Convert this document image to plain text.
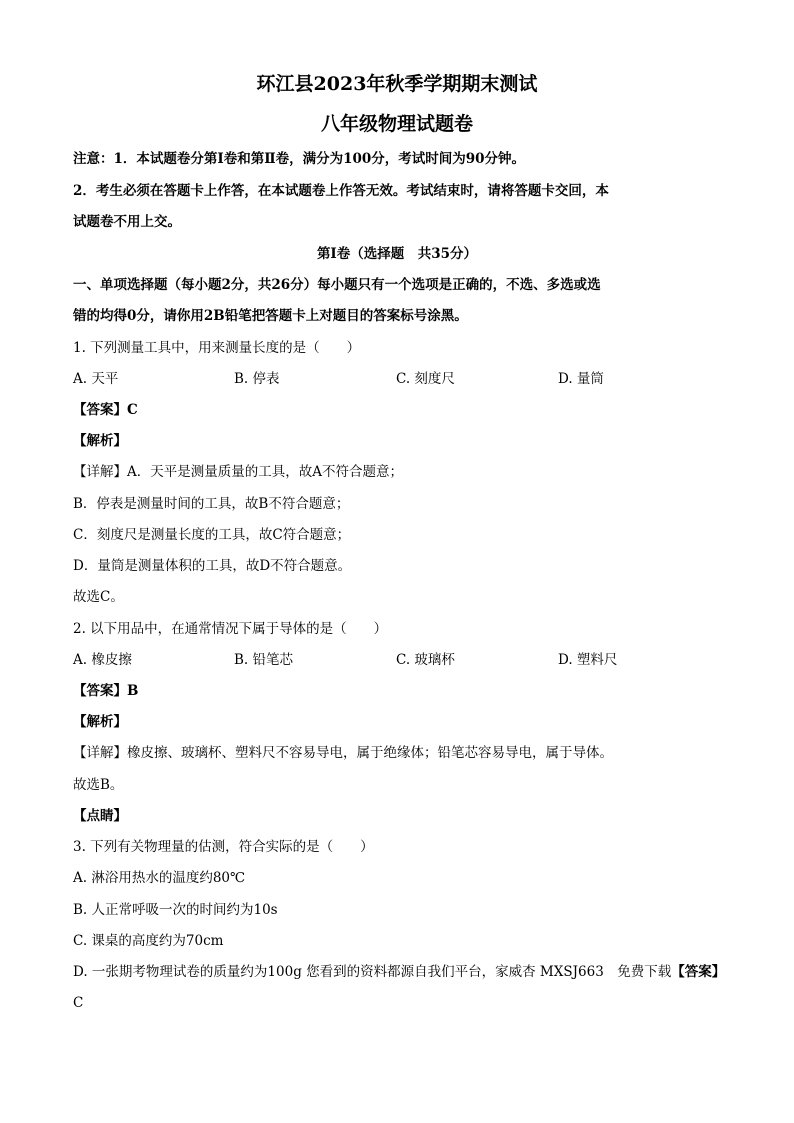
环江县2023年秋季学期期末测试
八年级物理试题卷
注意：1．本试题卷分第Ⅰ卷和第Ⅱ卷，满分为100分，考试时间为90分钟。
2．考生必须在答题卡上作答，在本试题卷上作答无效。考试结束时，请将答题卡交回，本
试题卷不用上交。
第Ⅰ卷（选择题　共35分）
一、单项选择题（每小题2分，共26分）每小题只有一个选项是正确的，不选、多选或选
错的均得0分，请你用2B铅笔把答题卡上对题目的答案标号涂黑。
1. 下列测量工具中，用来测量长度的是（　　）
A. 天平	B. 停表	C. 刻度尺	D. 量筒
【答案】C
【解析】
【详解】A．天平是测量质量的工具，故A不符合题意；
B．停表是测量时间的工具，故B不符合题意；
C．刻度尺是测量长度的工具，故C符合题意；
D．量筒是测量体积的工具，故D不符合题意。
故选C。
2. 以下用品中，在通常情况下属于导体的是（　　）
A. 橡皮擦	B. 铅笔芯	C. 玻璃杯	D. 塑料尺
【答案】B
【解析】
【详解】橡皮擦、玻璃杯、塑料尺不容易导电，属于绝缘体；铅笔芯容易导电，属于导体。
故选B。
【点睛】
3. 下列有关物理量的估测，符合实际的是（　　）
A. 淋浴用热水的温度约80℃
B. 人正常呼吸一次的时间约为10s
C. 课桌的高度约为70cm
D. 一张期考物理试卷的质量约为100g 您看到的资料都源自我们平台，家威杏 MXSJ663　免费下载【答案】
C
